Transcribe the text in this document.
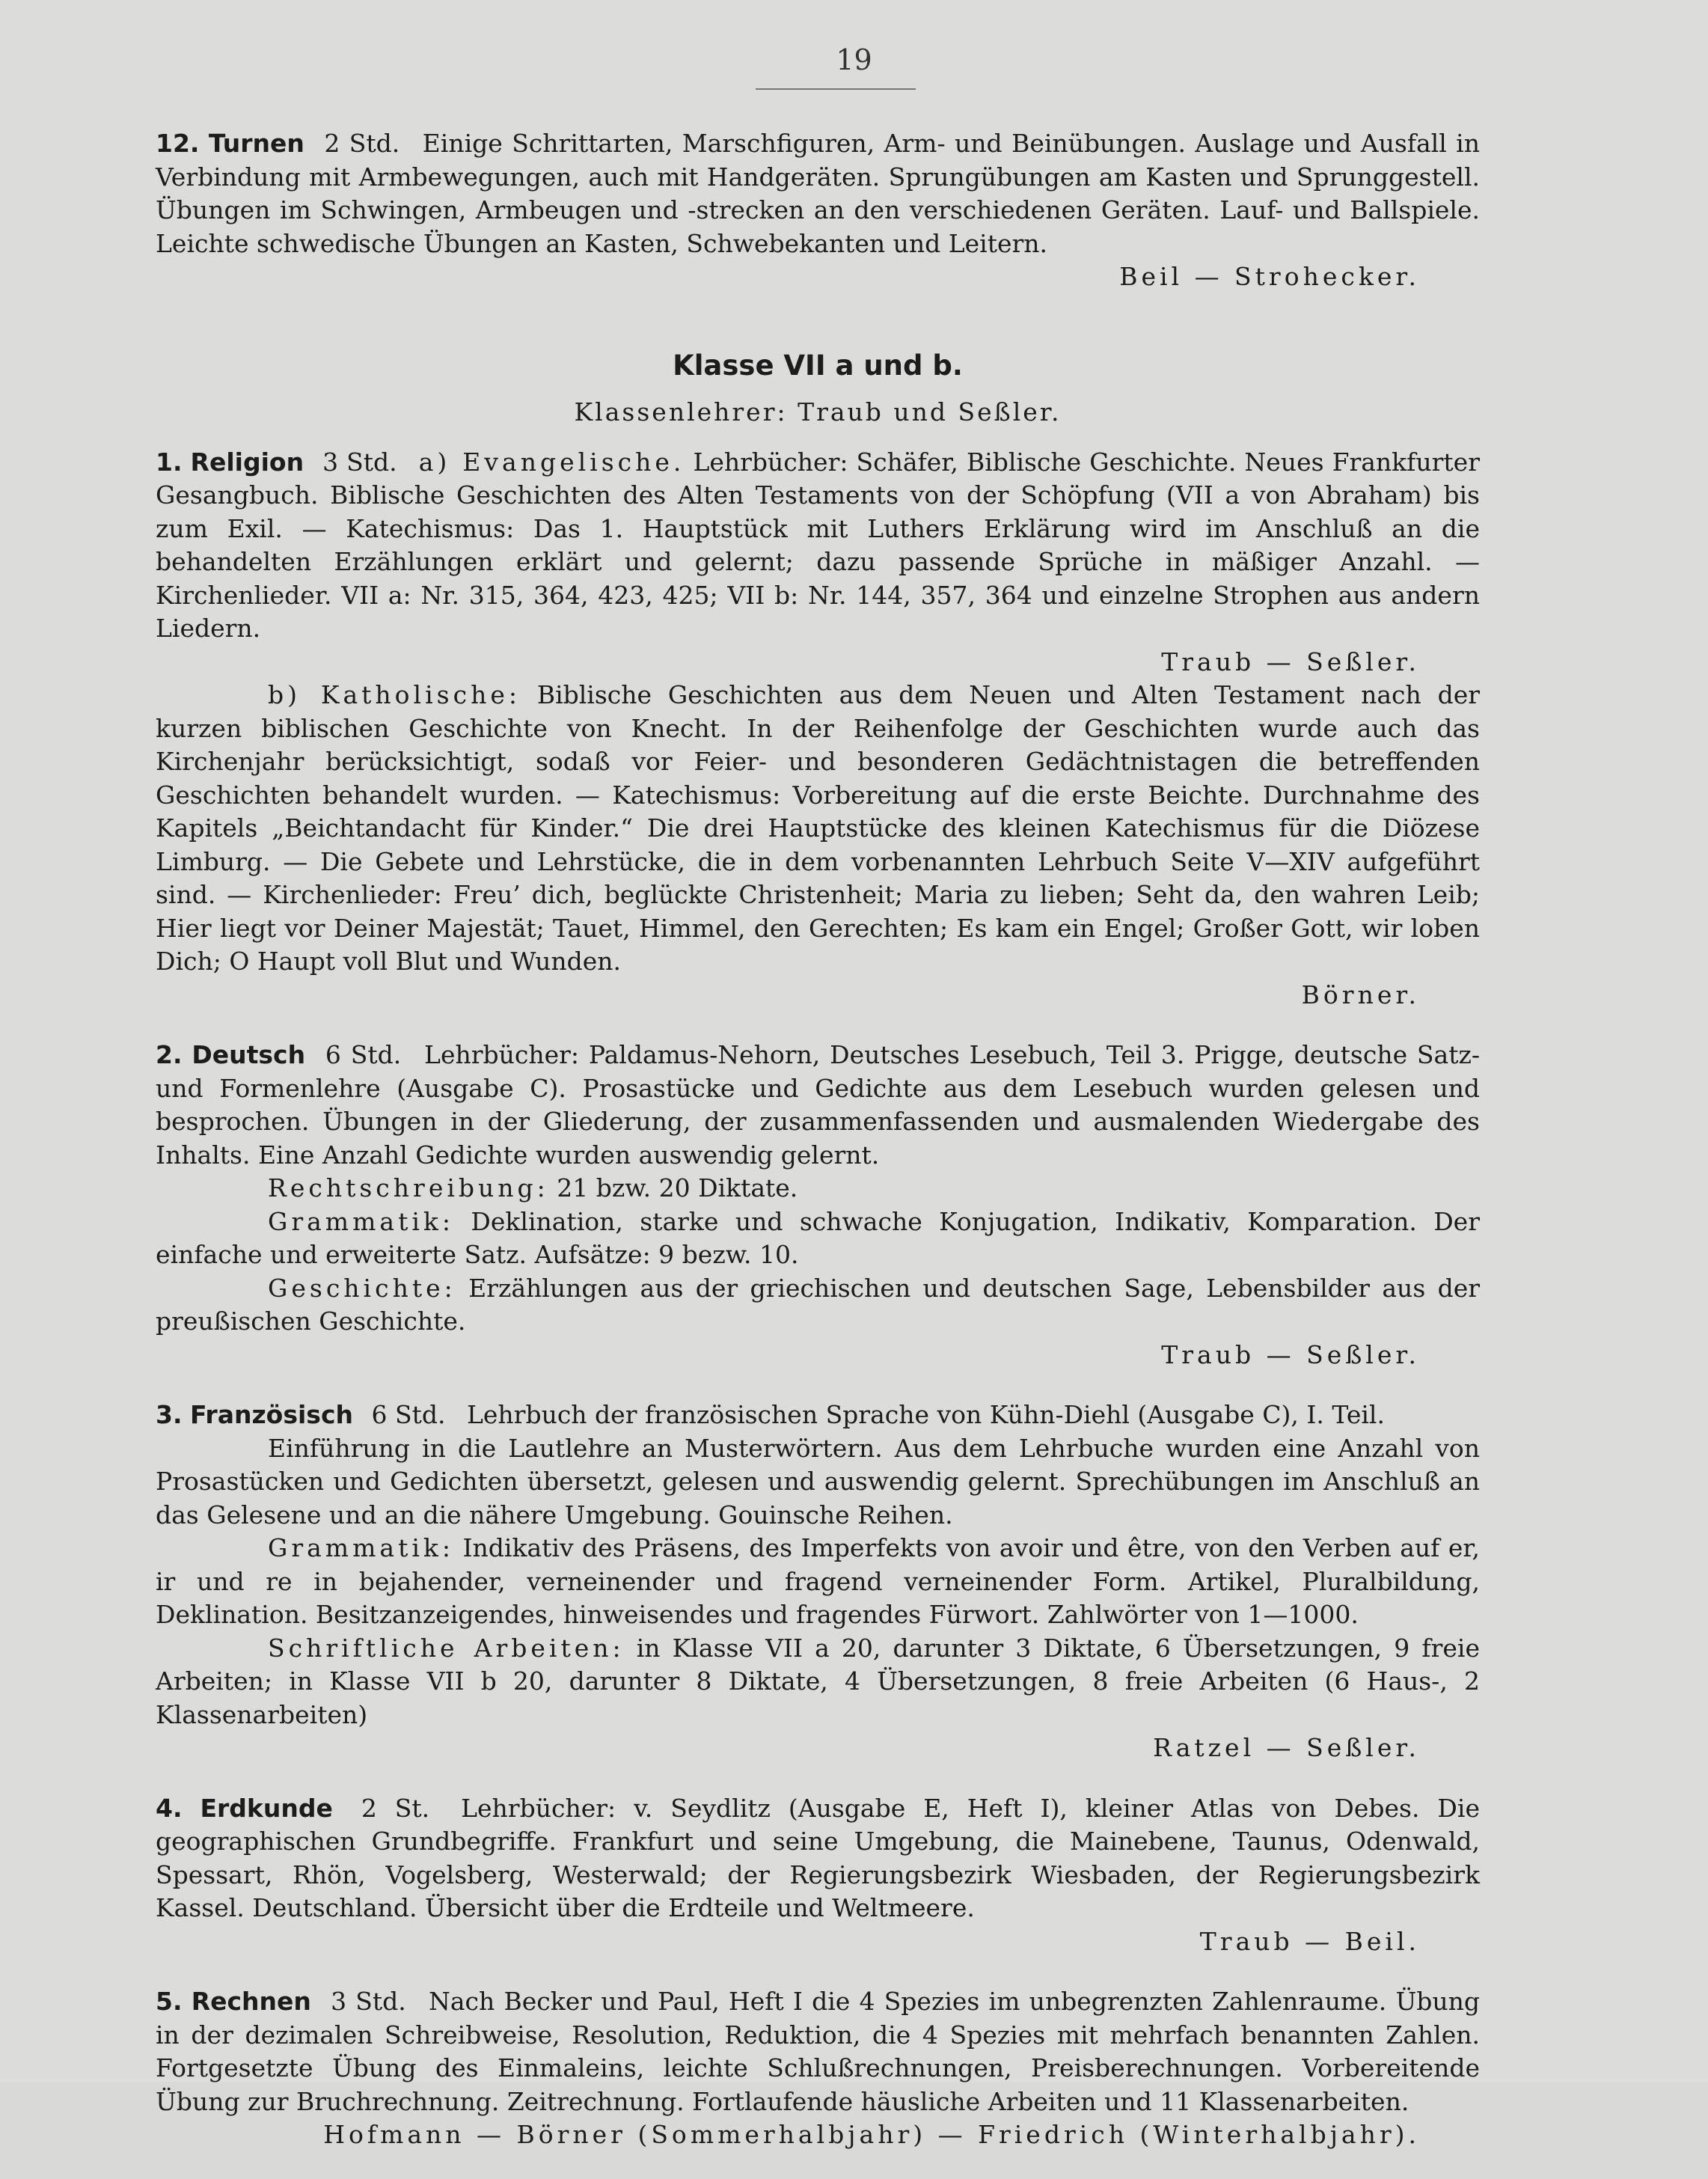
19

12. Turnen 2 Std. Einige Schrittarten, Marschfiguren, Arm- und Beinübungen. Auslage und Ausfall in Verbindung mit Armbewegungen, auch mit Handgeräten. Sprungübungen am Kasten und Sprunggestell. Übungen im Schwingen, Armbeugen und -strecken an den verschiedenen Geräten. Lauf- und Ballspiele. Leichte schwedische Übungen an Kasten, Schwebekanten und Leitern.

Beil — Strohecker.
Klasse VII a und b.
Klassenlehrer: Traub und Seßler.

1. Religion 3 Std. a) Evangelische. Lehrbücher: Schäfer, Biblische Geschichte. Neues Frankfurter Gesangbuch. Biblische Geschichten des Alten Testaments von der Schöpfung (VII a von Abraham) bis zum Exil. — Katechismus: Das 1. Hauptstück mit Luthers Erklärung wird im Anschluß an die behandelten Erzählungen erklärt und gelernt; dazu passende Sprüche in mäßiger Anzahl. — Kirchenlieder. VII a: Nr. 315, 364, 423, 425; VII b: Nr. 144, 357, 364 und einzelne Strophen aus andern Liedern.

Traub — Seßler.

b) Katholische: Biblische Geschichten aus dem Neuen und Alten Testament nach der kurzen biblischen Geschichte von Knecht. In der Reihenfolge der Geschichten wurde auch das Kirchenjahr berücksichtigt, sodaß vor Feier- und besonderen Gedächtnistagen die betreffenden Geschichten behandelt wurden. — Katechismus: Vorbereitung auf die erste Beichte. Durchnahme des Kapitels „Beichtandacht für Kinder.“ Die drei Hauptstücke des kleinen Katechismus für die Diözese Limburg. — Die Gebete und Lehrstücke, die in dem vorbenannten Lehrbuch Seite V—XIV aufgeführt sind. — Kirchenlieder: Freu’ dich, beglückte Christenheit; Maria zu lieben; Seht da, den wahren Leib; Hier liegt vor Deiner Majestät; Tauet, Himmel, den Gerechten; Es kam ein Engel; Großer Gott, wir loben Dich; O Haupt voll Blut und Wunden.

Börner.

2. Deutsch 6 Std. Lehrbücher: Paldamus-Nehorn, Deutsches Lesebuch, Teil 3. Prigge, deutsche Satz- und Formenlehre (Ausgabe C). Prosastücke und Gedichte aus dem Lesebuch wurden gelesen und besprochen. Übungen in der Gliederung, der zusammenfassenden und ausmalenden Wiedergabe des Inhalts. Eine Anzahl Gedichte wurden auswendig gelernt.

Rechtschreibung: 21 bzw. 20 Diktate.

Grammatik: Deklination, starke und schwache Konjugation, Indikativ, Komparation. Der einfache und erweiterte Satz. Aufsätze: 9 bezw. 10.

Geschichte: Erzählungen aus der griechischen und deutschen Sage, Lebensbilder aus der preußischen Geschichte.

Traub — Seßler.

3. Französisch 6 Std. Lehrbuch der französischen Sprache von Kühn-Diehl (Ausgabe C), I. Teil.

Einführung in die Lautlehre an Musterwörtern. Aus dem Lehrbuche wurden eine Anzahl von Prosastücken und Gedichten übersetzt, gelesen und auswendig gelernt. Sprechübungen im Anschluß an das Gelesene und an die nähere Umgebung. Gouinsche Reihen.

Grammatik: Indikativ des Präsens, des Imperfekts von avoir und être, von den Verben auf er, ir und re in bejahender, verneinender und fragend verneinender Form. Artikel, Pluralbildung, Deklination. Besitzanzeigendes, hinweisendes und fragendes Fürwort. Zahlwörter von 1—1000.

Schriftliche Arbeiten: in Klasse VII a 20, darunter 3 Diktate, 6 Übersetzungen, 9 freie Arbeiten; in Klasse VII b 20, darunter 8 Diktate, 4 Übersetzungen, 8 freie Arbeiten (6 Haus-, 2 Klassenarbeiten)

Ratzel — Seßler.

4. Erdkunde 2 St. Lehrbücher: v. Seydlitz (Ausgabe E, Heft I), kleiner Atlas von Debes. Die geographischen Grundbegriffe. Frankfurt und seine Umgebung, die Mainebene, Taunus, Odenwald, Spessart, Rhön, Vogelsberg, Westerwald; der Regierungsbezirk Wiesbaden, der Regierungsbezirk Kassel. Deutschland. Übersicht über die Erdteile und Weltmeere.

Traub — Beil.

5. Rechnen 3 Std. Nach Becker und Paul, Heft I die 4 Spezies im unbegrenzten Zahlenraume. Übung in der dezimalen Schreibweise, Resolution, Reduktion, die 4 Spezies mit mehrfach benannten Zahlen. Fortgesetzte Übung des Einmaleins, leichte Schlußrechnungen, Preisberechnungen. Vorbereitende Übung zur Bruchrechnung. Zeitrechnung. Fortlaufende häusliche Arbeiten und 11 Klassenarbeiten.

Hofmann — Börner (Sommerhalbjahr) — Friedrich (Winterhalbjahr).
